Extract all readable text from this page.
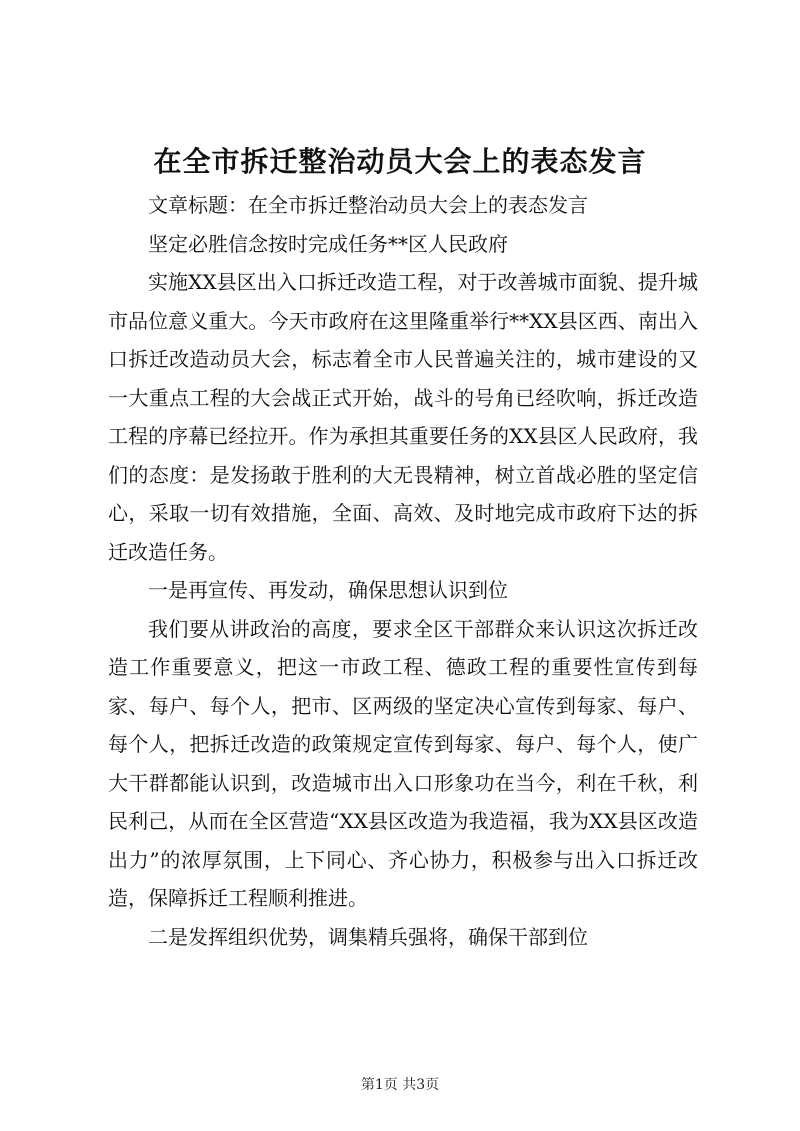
在全市拆迁整治动员大会上的表态发言

文章标题：在全市拆迁整治动员大会上的表态发言

坚定必胜信念按时完成任务**区人民政府

实施XX县区出入口拆迁改造工程，对于改善城市面貌、提升城市品位意义重大。今天市政府在这里隆重举行**XX县区西、南出入口拆迁改造动员大会，标志着全市人民普遍关注的，城市建设的又一大重点工程的大会战正式开始，战斗的号角已经吹响，拆迁改造工程的序幕已经拉开。作为承担其重要任务的XX县区人民政府，我们的态度：是发扬敢于胜利的大无畏精神，树立首战必胜的坚定信心，采取一切有效措施，全面、高效、及时地完成市政府下达的拆迁改造任务。

一是再宣传、再发动，确保思想认识到位

我们要从讲政治的高度，要求全区干部群众来认识这次拆迁改造工作重要意义，把这一市政工程、德政工程的重要性宣传到每家、每户、每个人，把市、区两级的坚定决心宣传到每家、每户、每个人，把拆迁改造的政策规定宣传到每家、每户、每个人，使广大干群都能认识到，改造城市出入口形象功在当今，利在千秋，利民利己，从而在全区营造“XX县区改造为我造福，我为XX县区改造出力”的浓厚氛围，上下同心、齐心协力，积极参与出入口拆迁改造，保障拆迁工程顺利推进。

二是发挥组织优势，调集精兵强将，确保干部到位

第1页 共3页
